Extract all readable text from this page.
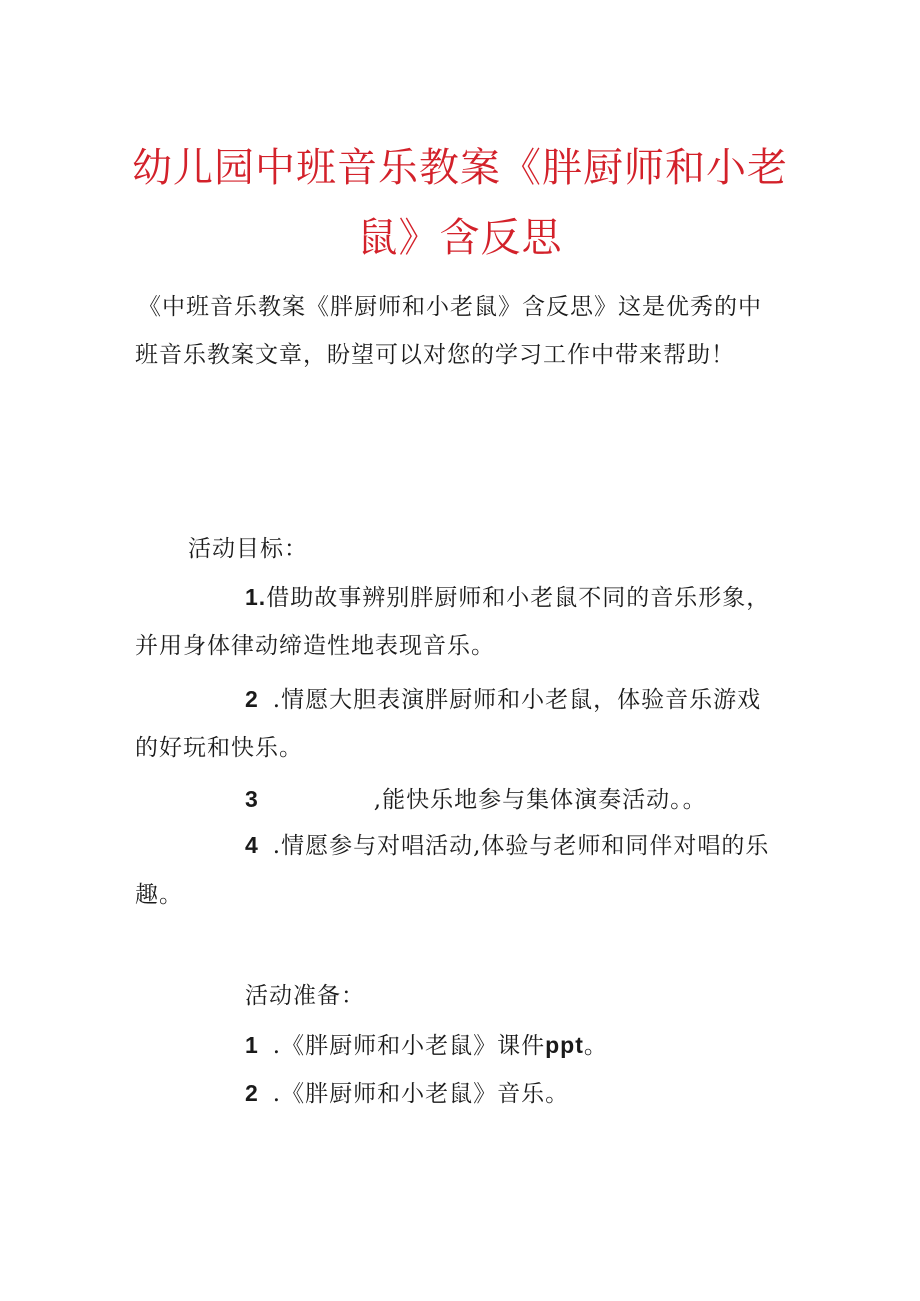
幼儿园中班音乐教案《胖厨师和小老
鼠》含反思
《中班音乐教案《胖厨师和小老鼠》含反思》这是优秀的中
班音乐教案文章，盼望可以对您的学习工作中带来帮助！
活动目标：
1.借助故事辨别胖厨师和小老鼠不同的音乐形象，
并用身体律动缔造性地表现音乐。
2 .情愿大胆表演胖厨师和小老鼠，体验音乐游戏
的好玩和快乐。
3	,能快乐地参与集体演奏活动。。
4 .情愿参与对唱活动,体验与老师和同伴对唱的乐
趣。
活动准备：
1 .《胖厨师和小老鼠》课件ppt。
2 .《胖厨师和小老鼠》音乐。
